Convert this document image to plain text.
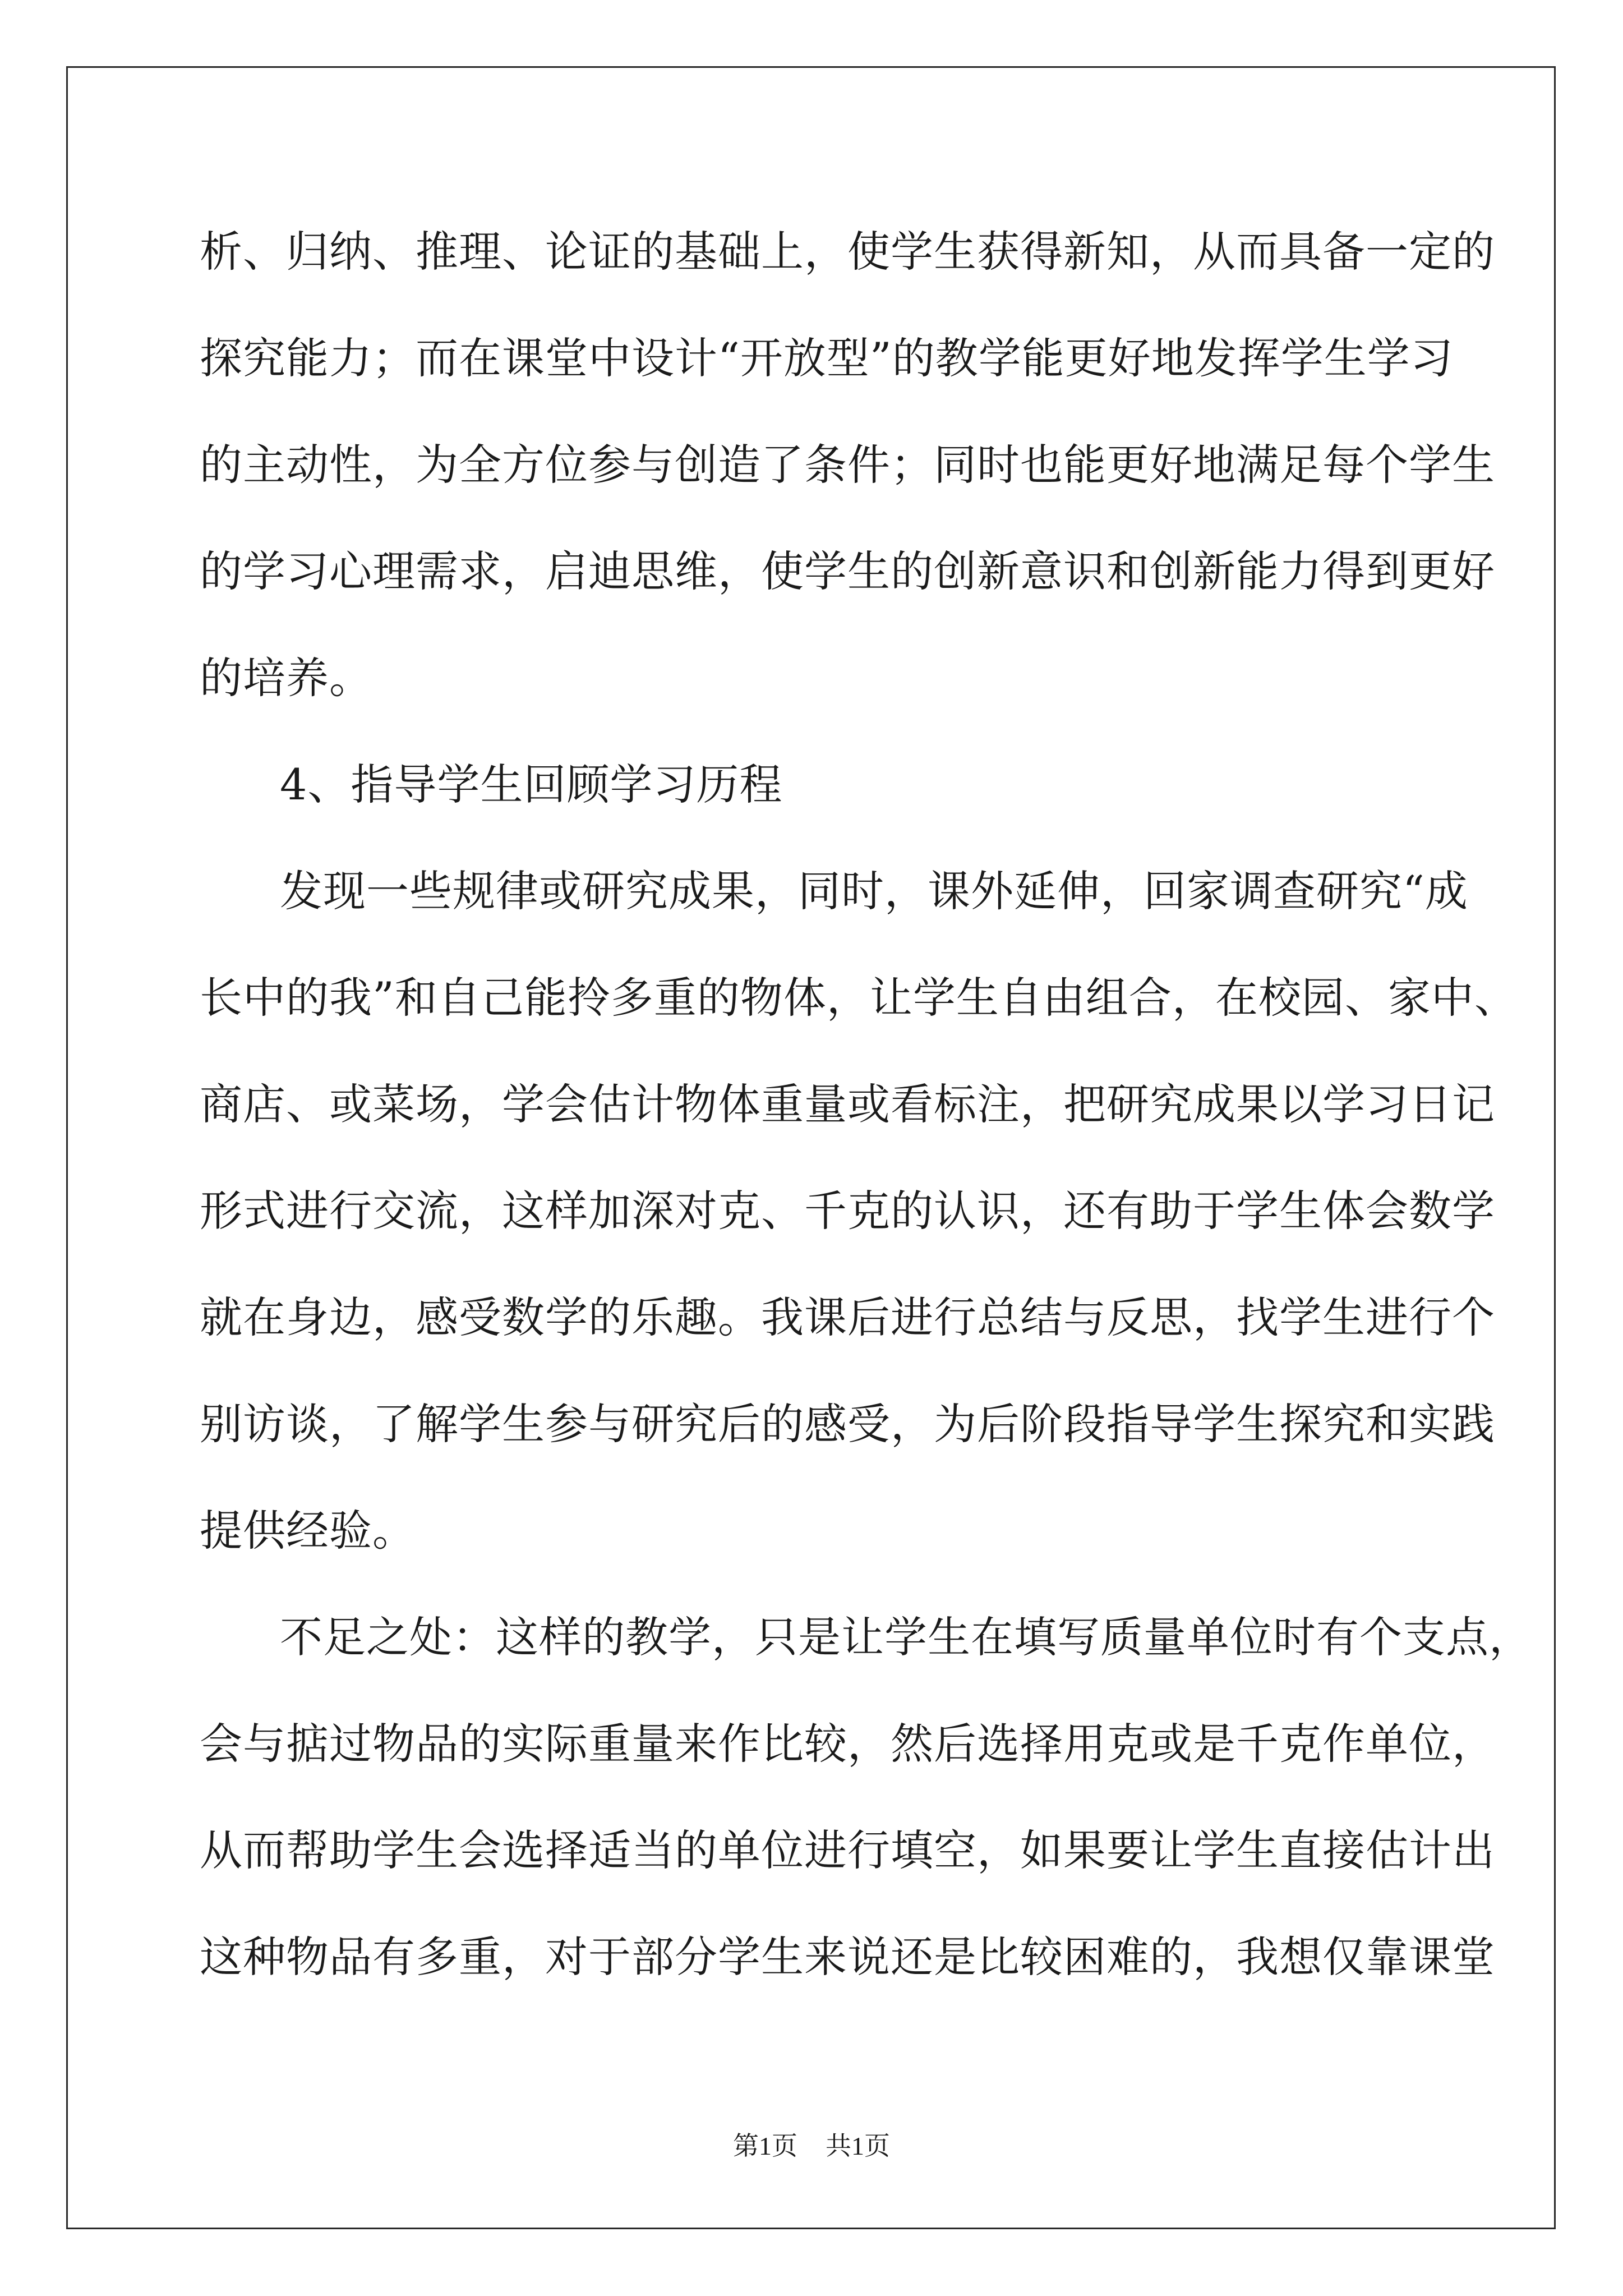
析、归纳、推理、论证的基础上，使学生获得新知，从而具备一定的
探究能力；而在课堂中设计“开放型”的教学能更好地发挥学生学习
的主动性，为全方位参与创造了条件；同时也能更好地满足每个学生
的学习心理需求，启迪思维，使学生的创新意识和创新能力得到更好
的培养。
4、指导学生回顾学习历程
发现一些规律或研究成果，同时，课外延伸，回家调查研究“成
长中的我”和自己能拎多重的物体，让学生自由组合，在校园、家中、
商店、或菜场，学会估计物体重量或看标注，把研究成果以学习日记
形式进行交流，这样加深对克、千克的认识，还有助于学生体会数学
就在身边，感受数学的乐趣。我课后进行总结与反思，找学生进行个
别访谈，了解学生参与研究后的感受，为后阶段指导学生探究和实践
提供经验。
不足之处：这样的教学，只是让学生在填写质量单位时有个支点，
会与掂过物品的实际重量来作比较，然后选择用克或是千克作单位，
从而帮助学生会选择适当的单位进行填空，如果要让学生直接估计出
这种物品有多重，对于部分学生来说还是比较困难的，我想仅靠课堂
第1页 共1页
